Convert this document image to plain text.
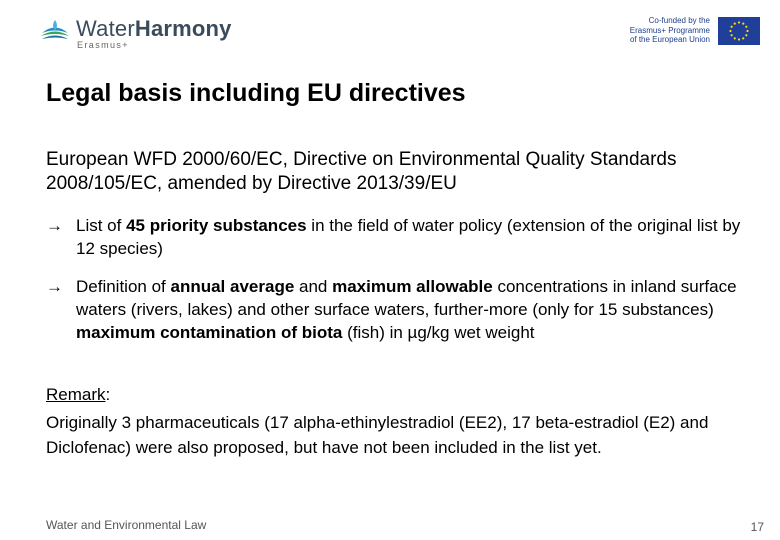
WaterHarmony
Erasmus+
Co-funded by the
Erasmus+ Programme
of the European Union
Legal basis including EU directives
European WFD 2000/60/EC, Directive on Environmental Quality Standards 2008/105/EC, amended by Directive 2013/39/EU
→ List of 45 priority substances in the field of water policy (extension of the original list by 12 species)
→ Definition of annual average and maximum allowable concentrations in inland surface waters (rivers, lakes) and other surface waters, further-more (only for 15 substances) maximum contamination of biota (fish) in µg/kg wet weight
Remark:
Originally 3 pharmaceuticals (17 alpha-ethinylestradiol (EE2), 17 beta-estradiol (E2) and Diclofenac) were also proposed, but have not been included in the list yet.
Water and Environmental Law	17
